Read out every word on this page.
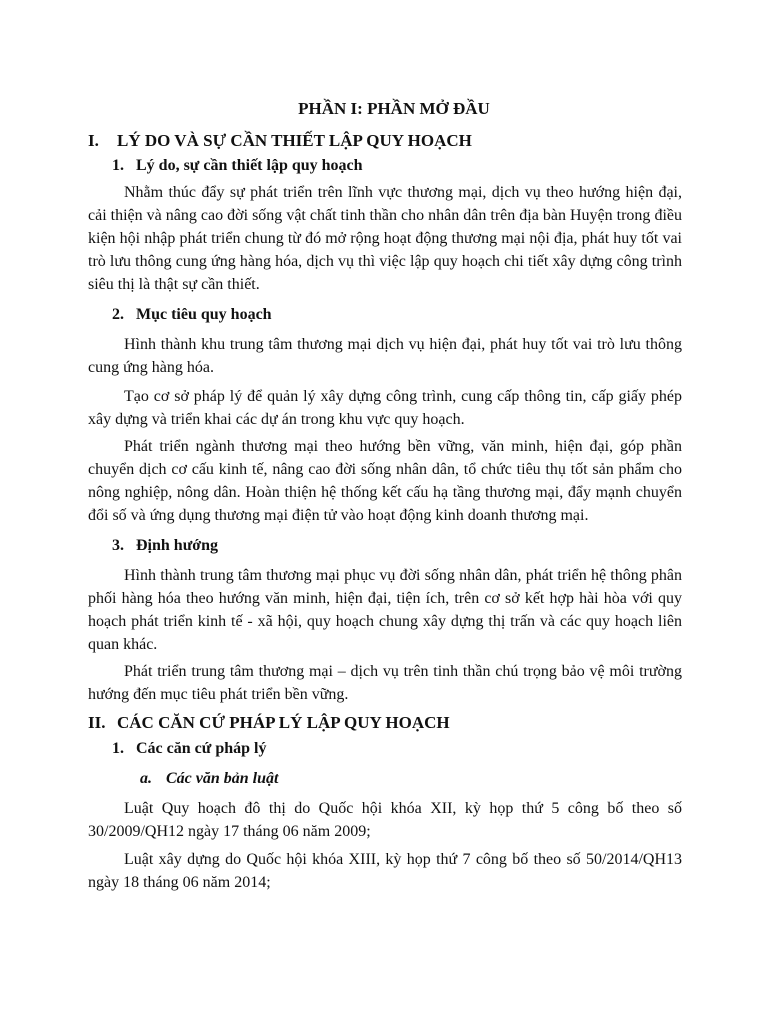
PHẦN I: PHẦN MỞ ĐẦU
I. LÝ DO VÀ SỰ CẦN THIẾT LẬP QUY HOẠCH
1. Lý do, sự cần thiết lập quy hoạch

Nhằm thúc đẩy sự phát triển trên lĩnh vực thương mại, dịch vụ theo hướng hiện đại, cải thiện và nâng cao đời sống vật chất tinh thần cho nhân dân trên địa bàn Huyện trong điều kiện hội nhập phát triển chung từ đó mở rộng hoạt động thương mại nội địa, phát huy tốt vai trò lưu thông cung ứng hàng hóa, dịch vụ thì việc lập quy hoạch chi tiết xây dựng công trình siêu thị là thật sự cần thiết.

2. Mục tiêu quy hoạch

Hình thành khu trung tâm thương mại dịch vụ hiện đại, phát huy tốt vai trò lưu thông cung ứng hàng hóa.

Tạo cơ sở pháp lý để quản lý xây dựng công trình, cung cấp thông tin, cấp giấy phép xây dựng và triển khai các dự án trong khu vực quy hoạch.

Phát triển ngành thương mại theo hướng bền vững, văn minh, hiện đại, góp phần chuyển dịch cơ cấu kinh tế, nâng cao đời sống nhân dân, tổ chức tiêu thụ tốt sản phẩm cho nông nghiệp, nông dân. Hoàn thiện hệ thống kết cấu hạ tầng thương mại, đẩy mạnh chuyển đổi số và ứng dụng thương mại điện tử vào hoạt động kinh doanh thương mại.

3. Định hướng

Hình thành trung tâm thương mại phục vụ đời sống nhân dân, phát triển hệ thông phân phối hàng hóa theo hướng văn minh, hiện đại, tiện ích, trên cơ sở kết hợp hài hòa với quy hoạch phát triển kinh tế - xã hội, quy hoạch chung xây dựng thị trấn và các quy hoạch liên quan khác.

Phát triển trung tâm thương mại – dịch vụ trên tinh thần chú trọng bảo vệ môi trường hướng đến mục tiêu phát triển bền vững.

II. CÁC CĂN CỨ PHÁP LÝ LẬP QUY HOẠCH
1. Các căn cứ pháp lý
a. Các văn bản luật

Luật Quy hoạch đô thị do Quốc hội khóa XII, kỳ họp thứ 5 công bố theo số 30/2009/QH12 ngày 17 tháng 06 năm 2009;

Luật xây dựng do Quốc hội khóa XIII, kỳ họp thứ 7 công bố theo số 50/2014/QH13 ngày 18 tháng 06 năm 2014;
